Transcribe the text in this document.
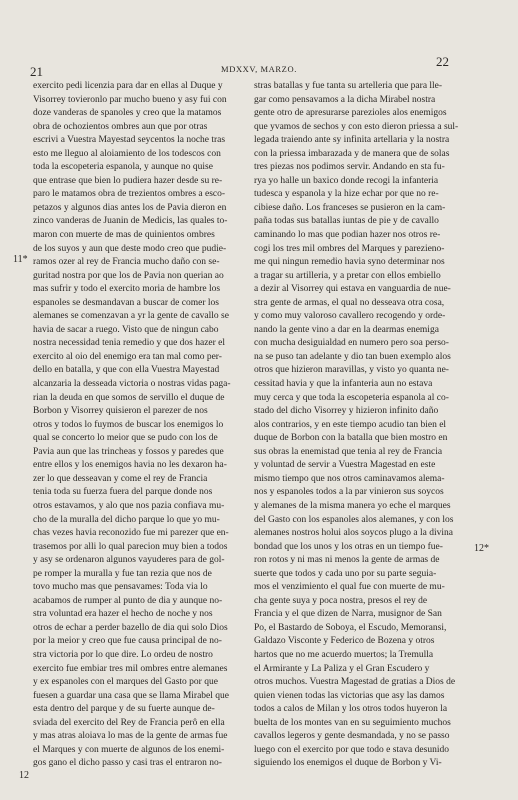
21	MDXXV, MARZO.	22
11*
12*
12
exercito pedi licenzia para dar en ellas al Duque y
Visorrey tovieronlo par mucho bueno y asy fui con
doze vanderas de spanoles y creo que la matamos
obra de ochozientos ombres aun que por otras
escrivi a Vuestra Mayestad seycentos la noche tras
esto me lleguo al aloiamiento de los todescos con
toda la escopeteria espanola, y aunque no quise
que entrase que bien lo pudiera hazer desde su re-
paro le matamos obra de trezientos ombres a esco-
petazos y algunos dias antes los de Pavia dieron en
zinco vanderas de Juanin de Medicis, las quales to-
maron con muerte de mas de quinientos ombres
de los suyos y aun que deste modo creo que pudie-
ramos ozer al rey de Francia mucho daño con se-
guritad nostra por que los de Pavia non querian ao
mas sufrir y todo el exercito moria de hambre los
espanoles se desmandavan a buscar de comer los
alemanes se comenzavan a yr la gente de cavallo se
havia de sacar a ruego. Visto que de ningun cabo
nostra necessidad tenia remedio y que dos hazer el
exercito al oio del enemigo era tan mal como per-
dello en batalla, y que con ella Vuestra Mayestad
alcanzaria la desseada victoria o nostras vidas paga-
rian la deuda en que somos de servillo el duque de
Borbon y Visorrey quisieron el parezer de nos
otros y todos lo fuymos de buscar los enemigos lo
qual se concerto lo meior que se pudo con los de
Pavia aun que las trincheas y fossos y paredes que
entre ellos y los enemigos havia no les dexaron ha-
zer lo que desseavan y come el rey de Francia
tenia toda su fuerza fuera del parque donde nos
otros estavamos, y alo que nos pazia confiava mu-
cho de la muralla del dicho parque lo que yo mu-
chas vezes havia reconozido fue mi parezer que en-
trasemos por alli lo qual parecion muy bien a todos
y asy se ordenaron algunos vayuderes para de gol-
pe romper la muralla y fue tan rezia que nos de
tovo mucho mas que pensavames: Toda via lo
acabamos de rumper al punto de dia y aunque no-
stra voluntad era hazer el hecho de noche y nos
otros de echar a perder bazello de dia qui solo Dios
por la meior y creo que fue causa principal de no-
stra victoria por lo que dire. Lo ordeu de nostro
exercito fue embiar tres mil ombres entre alemanes
y ex espanoles con el marques del Gasto por que
fuesen a guardar una casa que se llama Mirabel que
esta dentro del parque y de su fuerte aunque de-
sviada del exercito del Rey de Francia perô en ella
y mas atras aloiava lo mas de la gente de armas fue
el Marques y con muerte de algunos de los enemi-
gos gano el dicho passo y casi tras el entraron no-
stras batallas y fue tanta su artelleria que para lle-
gar como pensavamos a la dicha Mirabel nostra
gente otro de apresurarse parezioles alos enemigos
que yvamos de sechos y con esto dieron priessa a sul-
legada traiendo ante sy infinita artellaria y la nostra
con la priessa imbarazada y de manera que de solas
tres piezas nos podimos servir. Andando en sta fu-
rya yo halle un baxico donde recogi la infanteria
tudesca y espanola y la hize echar por que no re-
cibiese daño. Los franceses se pusieron en la cam-
paña todas sus batallas iuntas de pie y de cavallo
caminando lo mas que podian hazer nos otros re-
cogi los tres mil ombres del Marques y parezieno-
me qui ningun remedio havia syno determinar nos
a tragar su artilleria, y a pretar con ellos embiello
a dezir al Visorrey qui estava en vanguardia de nue-
stra gente de armas, el qual no desseava otra cosa,
y como muy valoroso cavallero recogendo y orde-
nando la gente vino a dar en la dearmas enemiga
con mucha desiguialdad en numero pero soa perso-
na se puso tan adelante y dio tan buen exemplo alos
otros que hizieron maravillas, y visto yo quanta ne-
cessitad havia y que la infanteria aun no estava
muy cerca y que toda la escopeteria espanola al co-
stado del dicho Visorrey y hizieron infinito daño
alos contrarios, y en este tiempo acudio tan bien el
duque de Borbon con la batalla que bien mostro en
sus obras la enemistad que tenia al rey de Francia
y voluntad de servir a Vuestra Magestad en este
mismo tiempo que nos otros caminavamos alema-
nos y espanoles todos a la par vinieron sus soycos
y alemanes de la misma manera yo eche el marques
del Gasto con los espanoles alos alemanes, y con los
alemanes nostros holui alos soycos plugo a la divina
bondad que los unos y los otras en un tiempo fue-
ron rotos y ni mas ni menos la gente de armas de
suerte que todos y cada uno por su parte seguia-
mos el venzimiento el qual fue con muerte de mu-
cha gente suya y poca nostra, presos el rey de
Francia y el que dizen de Narra, musignor de San
Po, el Bastardo de Soboya, el Escudo, Memoransi,
Galdazo Visconte y Federico de Bozena y otros
hartos que no me acuerdo muertos; la Tremulla
el Armirante y La Paliza y el Gran Escudero y
otros muchos. Vuestra Magestad de gratias a Dios de
quien vienen todas las victorias que asy las damos
todos a calos de Milan y los otros todos huyeron la
buelta de los montes van en su seguimiento muchos
cavallos legeros y gente desmandada, y no se passo
luego con el exercito por que todo e stava desunido
siguiendo los enemigos el duque de Borbon y Vi-
